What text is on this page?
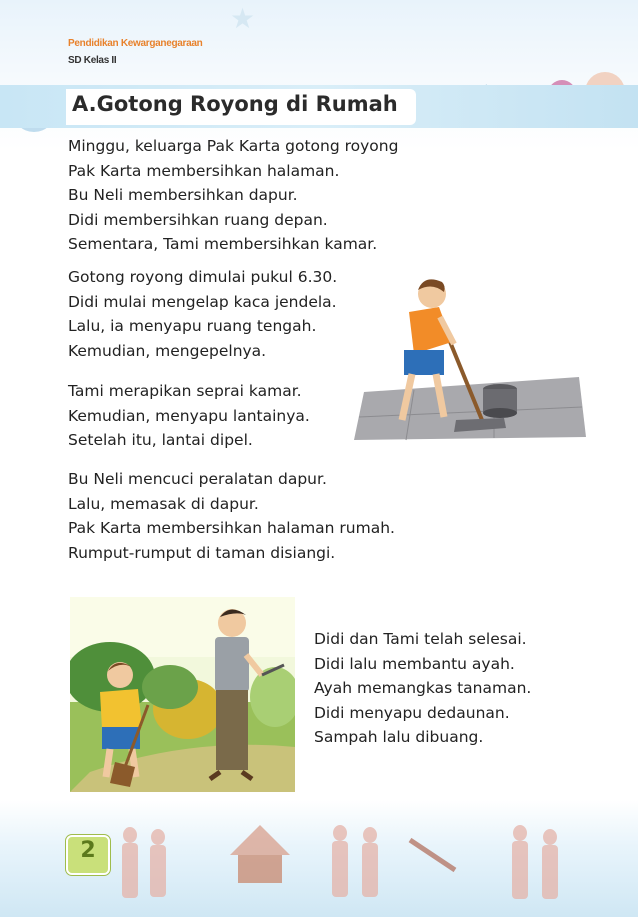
★
Pendidikan Kewarganegaraan
SD Kelas II
A.Gotong Royong di Rumah
Minggu, keluarga Pak Karta gotong royong
Pak Karta membersihkan halaman.
Bu Neli membersihkan dapur.
Didi membersihkan ruang depan.
Sementara, Tami membersihkan kamar.
Gotong royong dimulai pukul 6.30.
Didi mulai mengelap kaca jendela.
Lalu, ia menyapu ruang tengah.
Kemudian, mengepelnya.
Tami merapikan seprai kamar.
Kemudian, menyapu lantainya.
Setelah itu, lantai dipel.
Bu Neli mencuci peralatan dapur.
Lalu, memasak di dapur.
Pak Karta membersihkan halaman rumah.
Rumput-rumput di taman disiangi.
Didi dan Tami telah selesai.
Didi lalu membantu ayah.
Ayah memangkas tanaman.
Didi menyapu dedaunan.
Sampah lalu dibuang.
2
